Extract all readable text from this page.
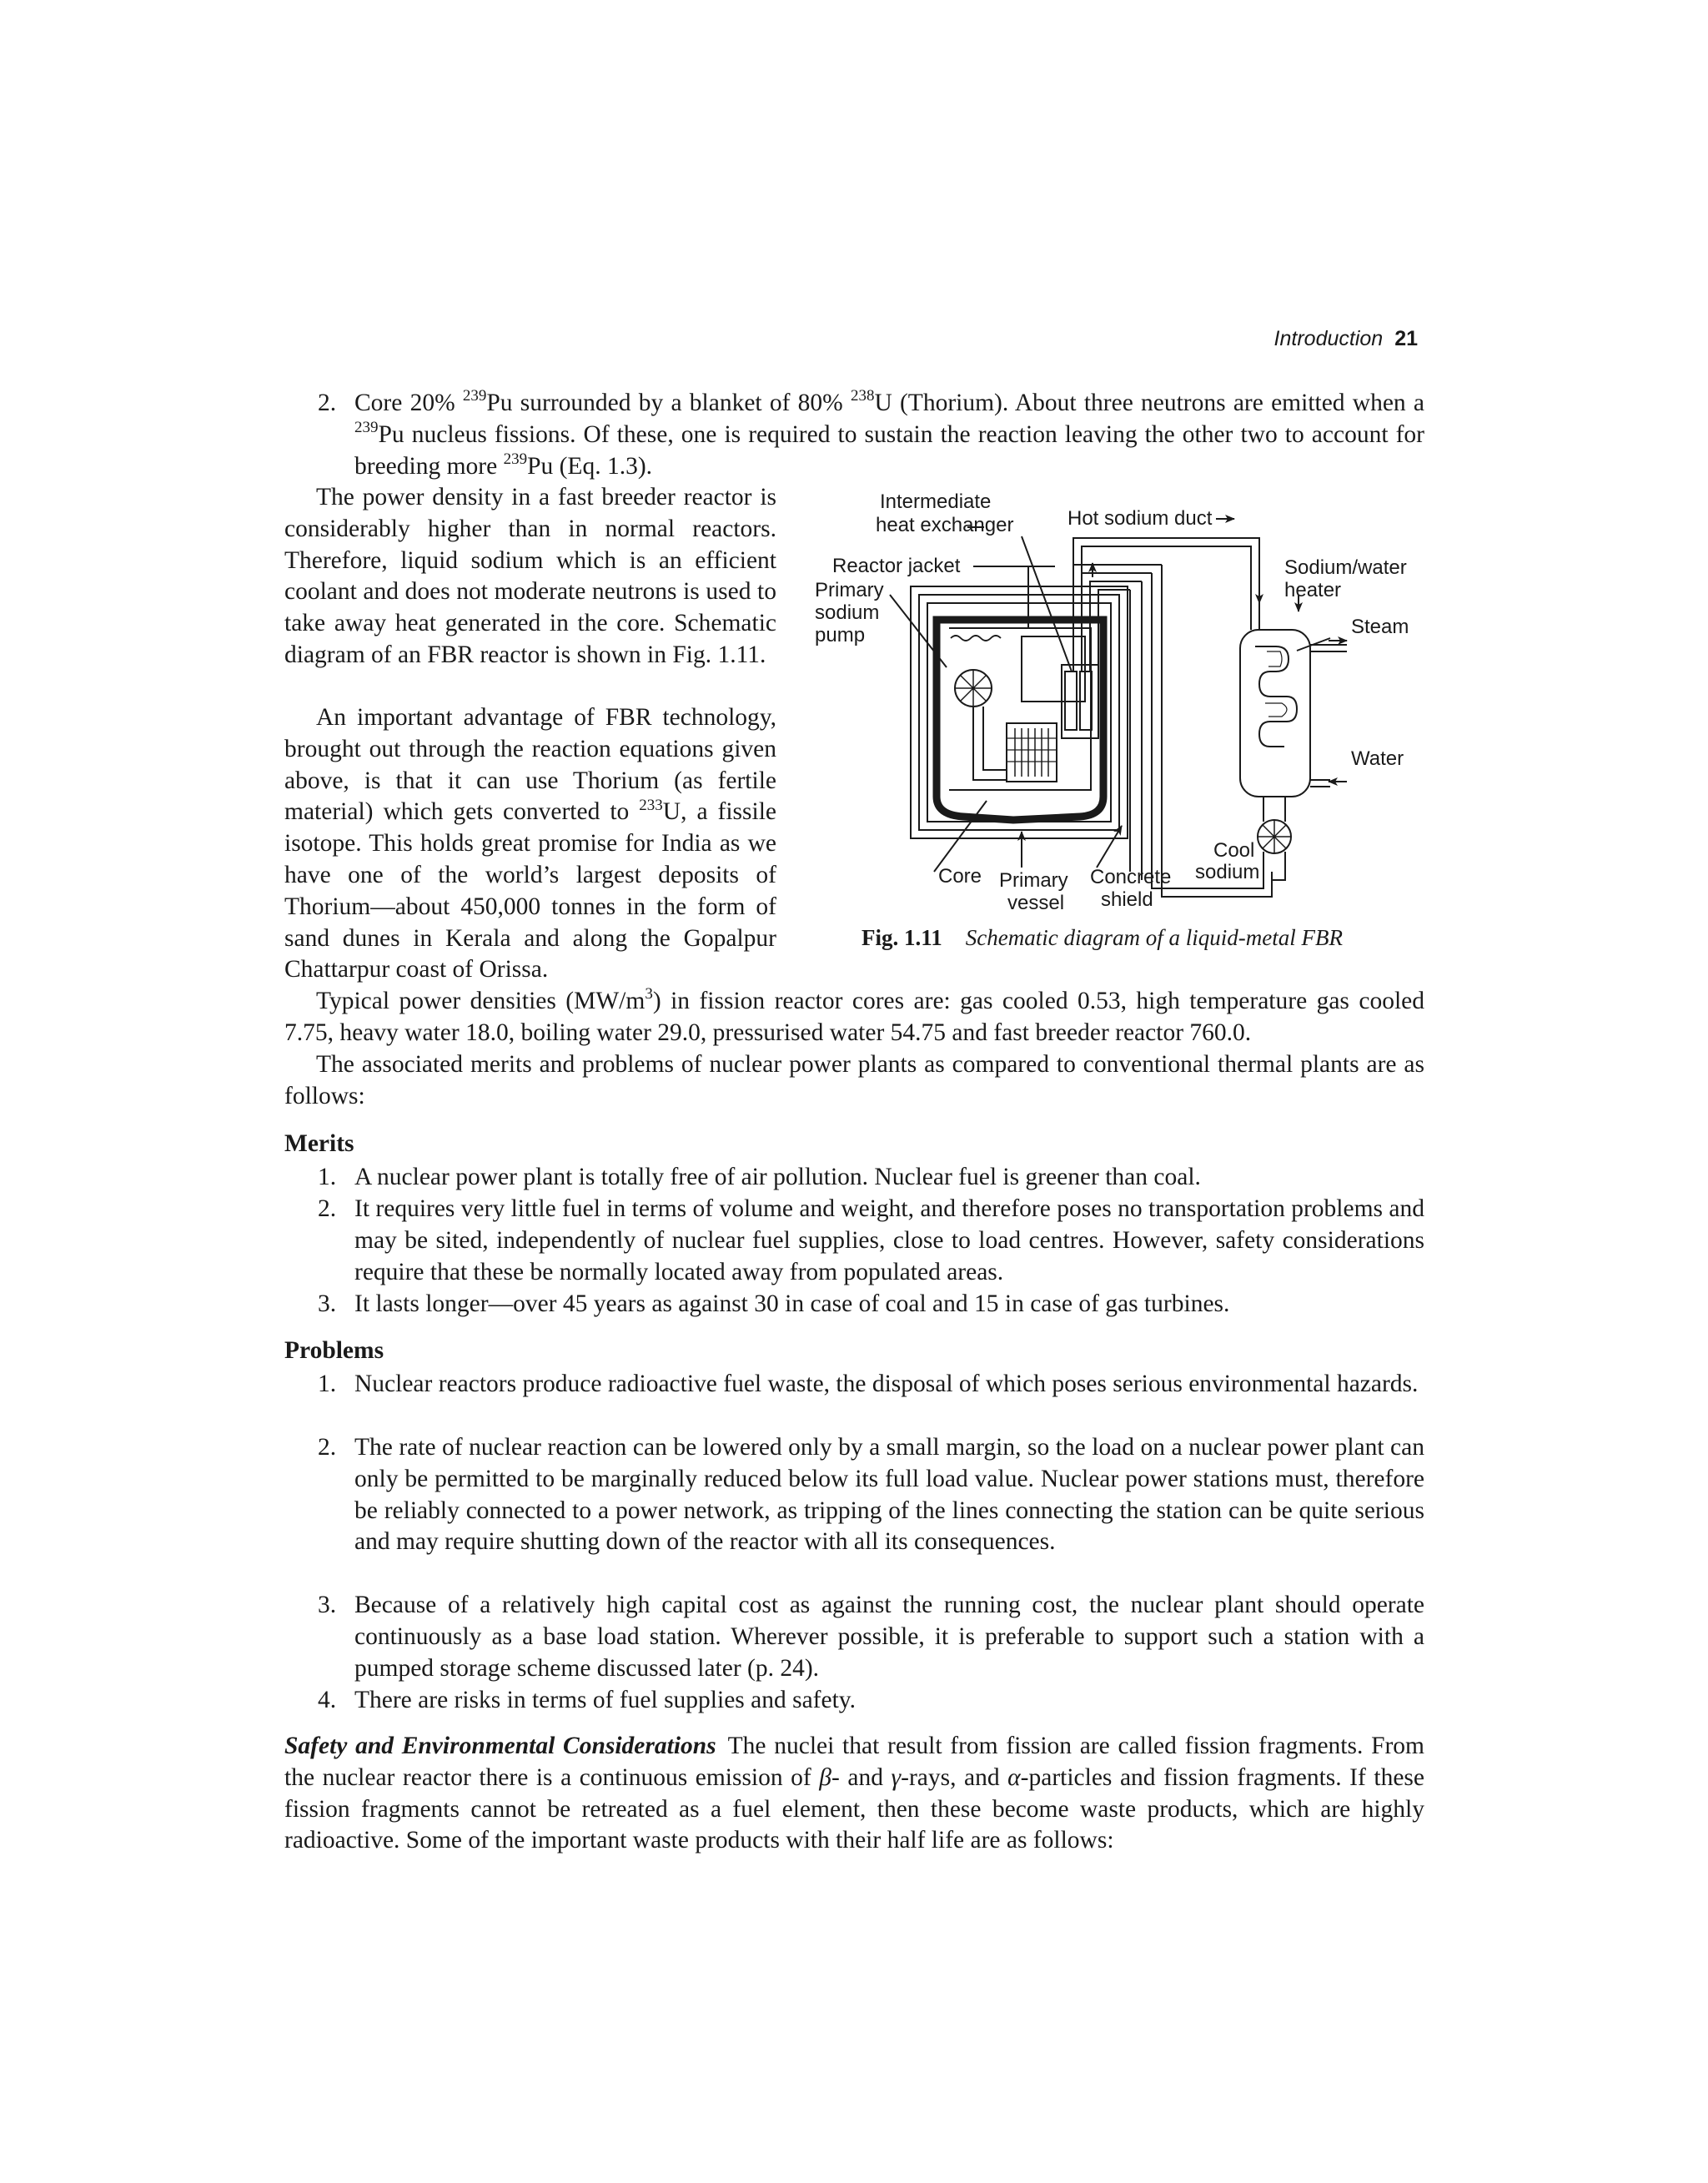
Introduction 21
2. Core 20% $^{239}$Pu surrounded by a blanket of 80% $^{238}$U (Thorium). About three neutrons are emitted when a $^{239}$Pu nucleus fissions. Of these, one is required to sustain the reaction leaving the other two to account for breeding more $^{239}$Pu (Eq. 1.3).

The power density in a fast breeder reactor is considerably higher than in normal reactors. Therefore, liquid sodium which is an efficient coolant and does not moderate neutrons is used to take away heat generated in the core. Schematic diagram of an FBR reactor is shown in Fig. 1.11.

An important advantage of FBR technology, brought out through the reaction equations given above, is that it can use Thorium (as fertile material) which gets converted to $^{233}$U, a fissile isotope. This holds great promise for India as we have one of the world’s largest deposits of Thorium—about 450,000 tonnes in the form of sand dunes in Kerala and along the Gopalpur Chattarpur coast of Orissa.

Intermediate
heat exchanger	Hot sodium duct
Reactor jacket
Primary
sodium
pump
Sodium/water
heater
Steam
Water
Cool
sodium
Core Primary
vessel
Concrete
shield
Fig. 1.11 Schematic diagram of a liquid-metal FBR

Typical power densities $(MW/m^3)$ in fission reactor cores are: gas cooled 0.53, high temperature gas cooled 7.75, heavy water 18.0, boiling water 29.0, pressurised water 54.75 and fast breeder reactor 760.0.

The associated merits and problems of nuclear power plants as compared to conventional thermal plants are as follows:

Merits

1. A nuclear power plant is totally free of air pollution. Nuclear fuel is greener than coal.

2. It requires very little fuel in terms of volume and weight, and therefore poses no transportation problems and may be sited, independently of nuclear fuel supplies, close to load centres. However, safety considerations require that these be normally located away from populated areas.

3. It lasts longer—over 45 years as against 30 in case of coal and 15 in case of gas turbines.

Problems

1. Nuclear reactors produce radioactive fuel waste, the disposal of which poses serious environmental hazards.

2. The rate of nuclear reaction can be lowered only by a small margin, so the load on a nuclear power plant can only be permitted to be marginally reduced below its full load value. Nuclear power stations must, therefore be reliably connected to a power network, as tripping of the lines connecting the station can be quite serious and may require shutting down of the reactor with all its consequences.

3. Because of a relatively high capital cost as against the running cost, the nuclear plant should operate continuously as a base load station. Wherever possible, it is preferable to support such a station with a pumped storage scheme discussed later (p. 24).

4. There are risks in terms of fuel supplies and safety.

Safety and Environmental Considerations The nuclei that result from fission are called fission fragments. From the nuclear reactor there is a continuous emission of β- and γ-rays, and α-particles and fission fragments. If these fission fragments cannot be retreated as a fuel element, then these become waste products, which are highly radioactive. Some of the important waste products with their half life are as follows:
